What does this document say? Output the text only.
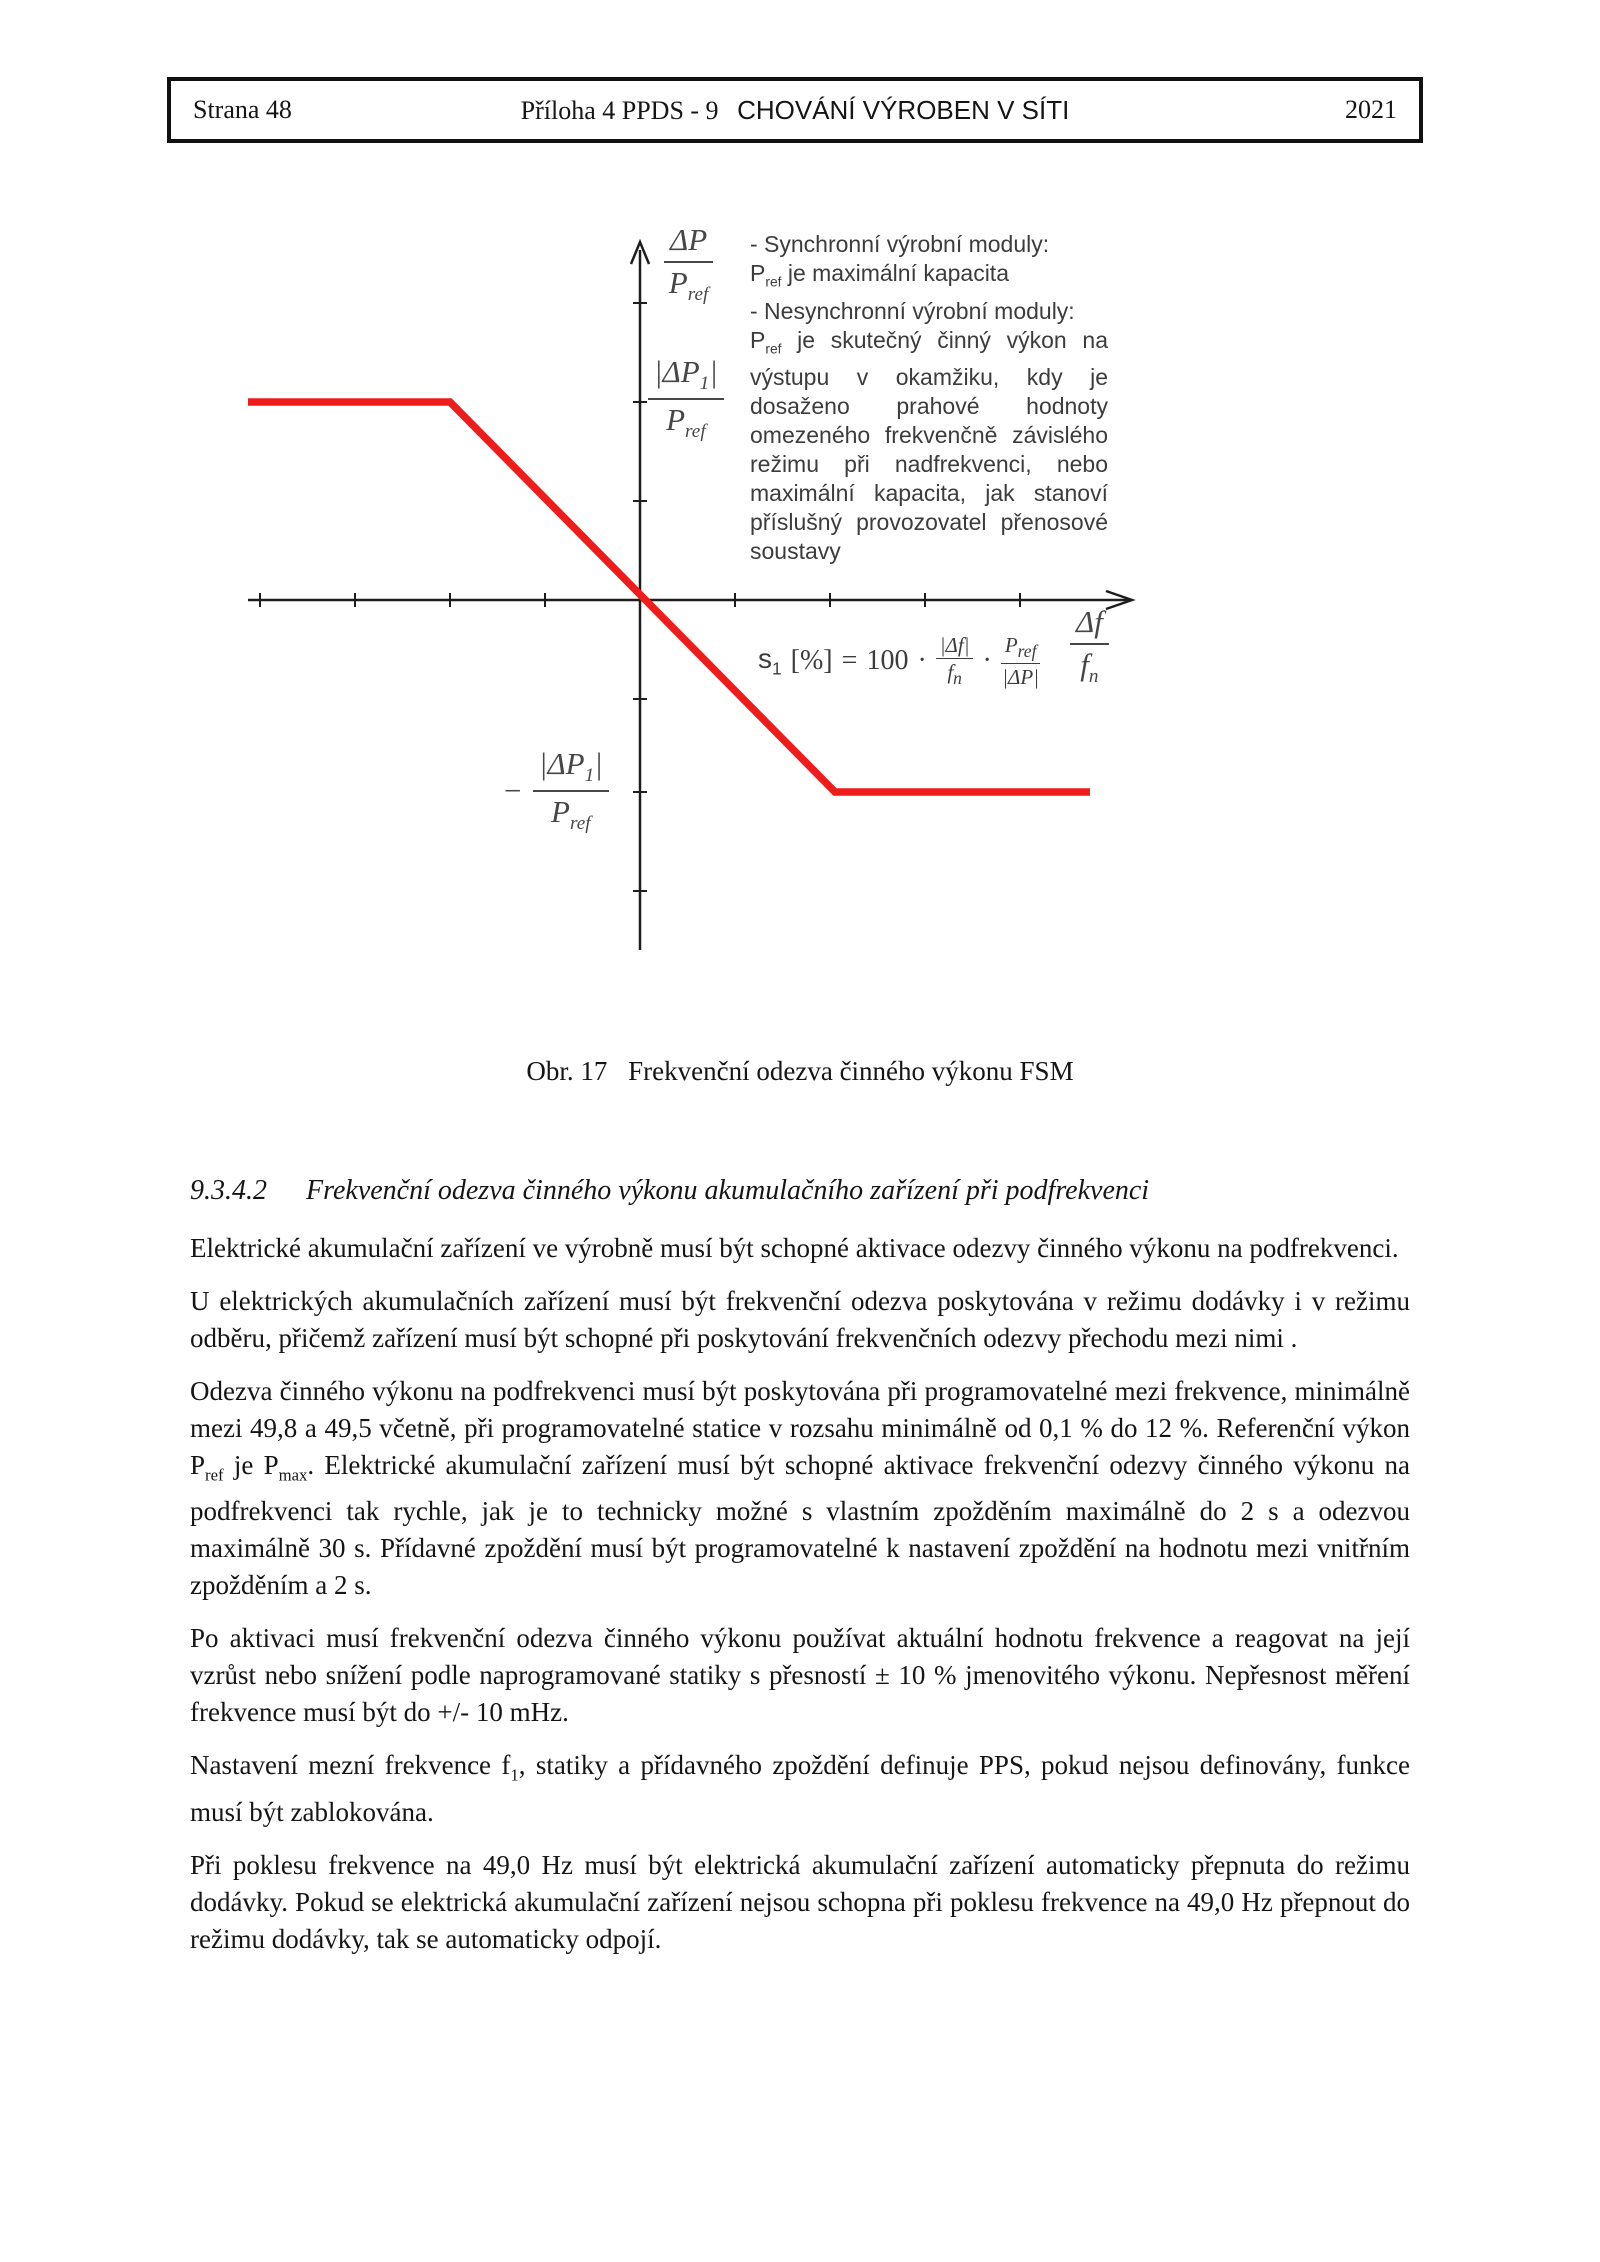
Strana 48	Příloha 4 PPDS - 9 CHOVÁNÍ VÝROBEN V SÍTI	2021
ΔP
$P_{ref}$
$|\Delta P_1|$
$P_{ref}$
− $\frac{|\Delta P_1|}{P_{ref}}$
$\frac{\Delta f}{f_n}$
$s_1$ [%] = $100 \cdot \frac{|\Delta f|}{f_n} \cdot \frac{P_{ref}}{|\Delta P|}$
- Synchronní výrobní moduly:
$P_{ref}$ je maximální kapacita
- Nesynchronní výrobní moduly:
$P_{ref}$ je skutečný činný výkon na výstupu v okamžiku, kdy je dosaženo prahové hodnoty omezeného frekvenčně závislého režimu při nadfrekvenci, nebo maximální kapacita, jak stanoví příslušný provozovatel přenosové soustavy
Obr. 17 Frekvenční odezva činného výkonu FSM
9.3.4.2	Frekvenční odezva činného výkonu akumulačního zařízení při podfrekvenci

Elektrické akumulační zařízení ve výrobně musí být schopné aktivace odezvy činného výkonu na podfrekvenci.

U elektrických akumulačních zařízení musí být frekvenční odezva poskytována v režimu dodávky i v režimu odběru, přičemž zařízení musí být schopné při poskytování frekvenčních odezvy přechodu mezi nimi .

Odezva činného výkonu na podfrekvenci musí být poskytována při programovatelné mezi frekvence, minimálně mezi 49,8 a 49,5 včetně, při programovatelné statice v rozsahu minimálně od 0,1 % do 12 %. Referenční výkon $P_{ref}$ je $P_{max}$. Elektrické akumulační zařízení musí být schopné aktivace frekvenční odezvy činného výkonu na podfrekvenci tak rychle, jak je to technicky možné s vlastním zpožděním maximálně do 2 s a odezvou maximálně 30 s. Přídavné zpoždění musí být programovatelné k nastavení zpoždění na hodnotu mezi vnitřním zpožděním a 2 s.

Po aktivaci musí frekvenční odezva činného výkonu používat aktuální hodnotu frekvence a reagovat na její vzrůst nebo snížení podle naprogramované statiky s přesností ± 10 % jmenovitého výkonu. Nepřesnost měření frekvence musí být do +/- 10 mHz.

Nastavení mezní frekvence $f_1$, statiky a přídavného zpoždění definuje PPS, pokud nejsou definovány, funkce musí být zablokována.

Při poklesu frekvence na 49,0 Hz musí být elektrická akumulační zařízení automaticky přepnuta do režimu dodávky. Pokud se elektrická akumulační zařízení nejsou schopna při poklesu frekvence na 49,0 Hz přepnout do režimu dodávky, tak se automaticky odpojí.
